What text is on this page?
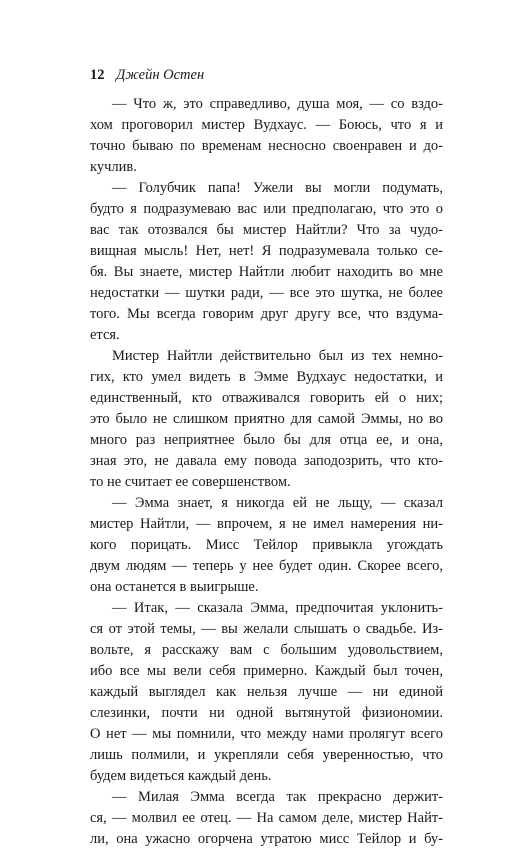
12 Джейн Остен
— Что ж, это справедливо, душа моя, — со вздо-
хом проговорил мистер Вудхаус. — Боюсь, что я и
точно бываю по временам несносно своенравен и до-
кучлив.
— Голубчик папа! Ужели вы могли подумать,
будто я подразумеваю вас или предполагаю, что это о
вас так отозвался бы мистер Найтли? Что за чудо-
вищная мысль! Нет, нет! Я подразумевала только се-
бя. Вы знаете, мистер Найтли любит находить во мне
недостатки — шутки ради, — все это шутка, не более
того. Мы всегда говорим друг другу все, что вздума-
ется.
Мистер Найтли действительно был из тех немно-
гих, кто умел видеть в Эмме Вудхаус недостатки, и
единственный, кто отваживался говорить ей о них;
это было не слишком приятно для самой Эммы, но во
много раз неприятнее было бы для отца ее, и она,
зная это, не давала ему повода заподозрить, что кто-
то не считает ее совершенством.
— Эмма знает, я никогда ей не льщу, — сказал
мистер Найтли, — впрочем, я не имел намерения ни-
кого порицать. Мисс Тейлор привыкла угождать
двум людям — теперь у нее будет один. Скорее всего,
она останется в выигрыше.
— Итак, — сказала Эмма, предпочитая уклонить-
ся от этой темы, — вы желали слышать о свадьбе. Из-
вольте, я расскажу вам с большим удовольствием,
ибо все мы вели себя примерно. Каждый был точен,
каждый выглядел как нельзя лучше — ни единой
слезинки, почти ни одной вытянутой физиономии.
О нет — мы помнили, что между нами пролягут всего
лишь полмили, и укрепляли себя уверенностью, что
будем видеться каждый день.
— Милая Эмма всегда так прекрасно держит-
ся, — молвил ее отец. — На самом деле, мистер Найт-
ли, она ужасно огорчена утратою мисс Тейлор и бу-
